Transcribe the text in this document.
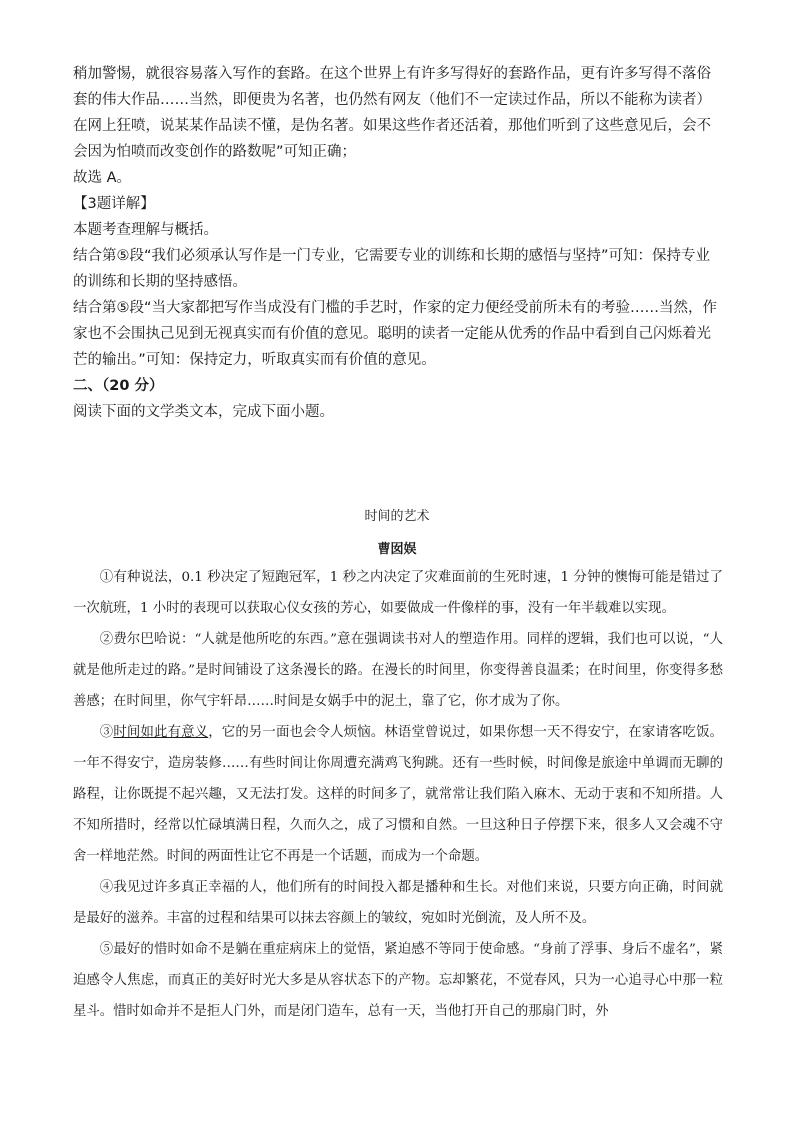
稍加警惕，就很容易落入写作的套路。在这个世界上有许多写得好的套路作品，更有许多写得不落俗套的伟大作品……当然，即便贵为名著，也仍然有网友（他们不一定读过作品，所以不能称为读者）在网上狂喷，说某某作品读不懂，是伪名著。如果这些作者还活着，那他们听到了这些意见后，会不会因为怕喷而改变创作的路数呢”可知正确；

故选 A。

【3题详解】

本题考查理解与概括。

结合第⑤段“我们必须承认写作是一门专业，它需要专业的训练和长期的感悟与坚持”可知：保持专业的训练和长期的坚持感悟。

结合第⑤段“当大家都把写作当成没有门槛的手艺时，作家的定力便经受前所未有的考验……当然，作家也不会围执己见到无视真实而有价值的意见。聪明的读者一定能从优秀的作品中看到自己闪烁着光芒的输出。”可知：保持定力，听取真实而有价值的意见。

二、（20 分）

阅读下面的文学类文本，完成下面小题。

时间的艺术
曹囡娱

①有种说法，0.1 秒决定了短跑冠军，1 秒之内决定了灾难面前的生死时速，1 分钟的懊悔可能是错过了一次航班，1 小时的表现可以获取心仪女孩的芳心，如要做成一件像样的事，没有一年半载难以实现。

②费尔巴哈说：“人就是他所吃的东西。”意在强调读书对人的塑造作用。同样的逻辑，我们也可以说，“人就是他所走过的路。”是时间铺设了这条漫长的路。在漫长的时间里，你变得善良温柔；在时间里，你变得多愁善感；在时间里，你气宇轩昂……时间是女娲手中的泥土，靠了它，你才成为了你。

③时间如此有意义，它的另一面也会令人烦恼。林语堂曾说过，如果你想一天不得安宁，在家请客吃饭。一年不得安宁，造房装修……有些时间让你周遭充满鸡飞狗跳。还有一些时候，时间像是旅途中单调而无聊的路程，让你既提不起兴趣，又无法打发。这样的时间多了，就常常让我们陷入麻木、无动于衷和不知所措。人不知所措时，经常以忙碌填满日程，久而久之，成了习惯和自然。一旦这种日子停摆下来，很多人又会魂不守舍一样地茫然。时间的两面性让它不再是一个话题，而成为一个命题。

④我见过许多真正幸福的人，他们所有的时间投入都是播种和生长。对他们来说，只要方向正确，时间就是最好的滋养。丰富的过程和结果可以抹去容颜上的皱纹，宛如时光倒流，及人所不及。

⑤最好的惜时如命不是躺在重症病床上的觉悟，紧迫感不等同于使命感。“身前了浮事、身后不虚名”，紧迫感令人焦虑，而真正的美好时光大多是从容状态下的产物。忘却繁花，不觉春风，只为一心追寻心中那一粒星斗。惜时如命并不是拒人门外，而是闭门造车，总有一天，当他打开自己的那扇门时，外
